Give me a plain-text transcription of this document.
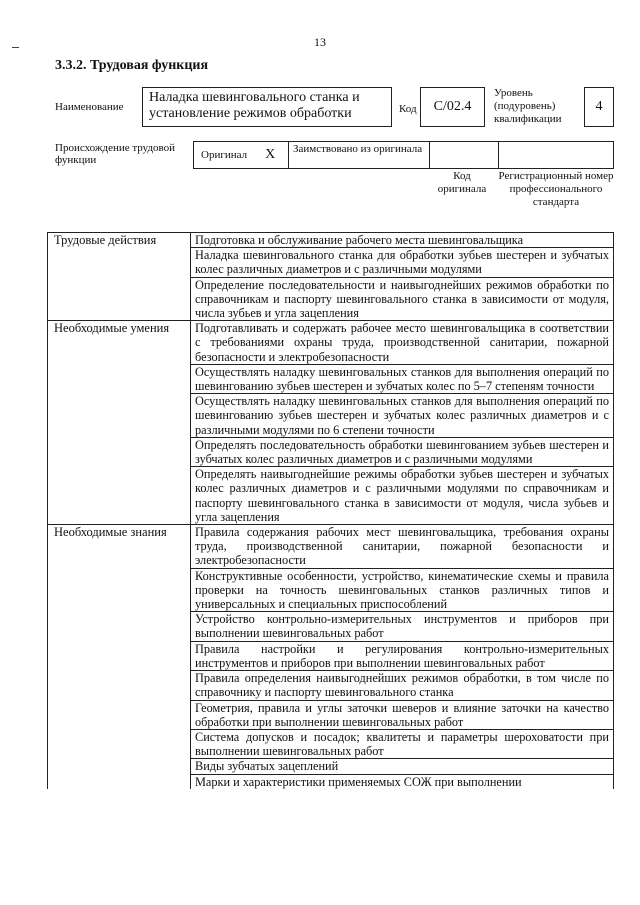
13
3.3.2. Трудовая функция
Наименование
Наладка шевинговального станка и установление режимов обработки	Код	C/02.4
Уровень
(подуровень)
квалификации
4
Происхождение трудовой функции	Оригинал X	Заимствовано из оригинала
Код оригинала
Регистрационный номер профессионального стандарта
Трудовые действия	Подготовка и обслуживание рабочего места шевинговальщика
	Наладка шевинговального станка для обработки зубьев шестерен и зубчатых колес различных диаметров и с различными модулями
	Определение последовательности и наивыгоднейших режимов обработки по справочникам и паспорту шевинговального станка в зависимости от модуля, числа зубьев и угла зацепления
Необходимые умения	Подготавливать и содержать рабочее место шевинговальщика в соответствии с требованиями охраны труда, производственной санитарии, пожарной безопасности и электробезопасности
	Осуществлять наладку шевинговальных станков для выполнения операций по шевингованию зубьев шестерен и зубчатых колес по 5–7 степеням точности
	Осуществлять наладку шевинговальных станков для выполнения операций по шевингованию зубьев шестерен и зубчатых колес различных диаметров и с различными модулями по 6 степени точности
	Определять последовательность обработки шевингованием зубьев шестерен и зубчатых колес различных диаметров и с различными модулями
	Определять наивыгоднейшие режимы обработки зубьев шестерен и зубчатых колес различных диаметров и с различными модулями по справочникам и паспорту шевинговального станка в зависимости от модуля, числа зубьев и угла зацепления
Необходимые знания	Правила содержания рабочих мест шевинговальщика, требования охраны труда, производственной санитарии, пожарной безопасности и электробезопасности
	Конструктивные особенности, устройство, кинематические схемы и правила проверки на точность шевинговальных станков различных типов и универсальных и специальных приспособлений
	Устройство контрольно-измерительных инструментов и приборов при выполнении шевинговальных работ
	Правила настройки и регулирования контрольно-измерительных инструментов и приборов при выполнении шевинговальных работ
	Правила определения наивыгоднейших режимов обработки, в том числе по справочнику и паспорту шевинговального станка
	Геометрия, правила и углы заточки шеверов и влияние заточки на качество обработки при выполнении шевинговальных работ
	Система допусков и посадок; квалитеты и параметры шероховатости при выполнении шевинговальных работ
	Виды зубчатых зацеплений
	Марки и характеристики применяемых СОЖ при выполнении
